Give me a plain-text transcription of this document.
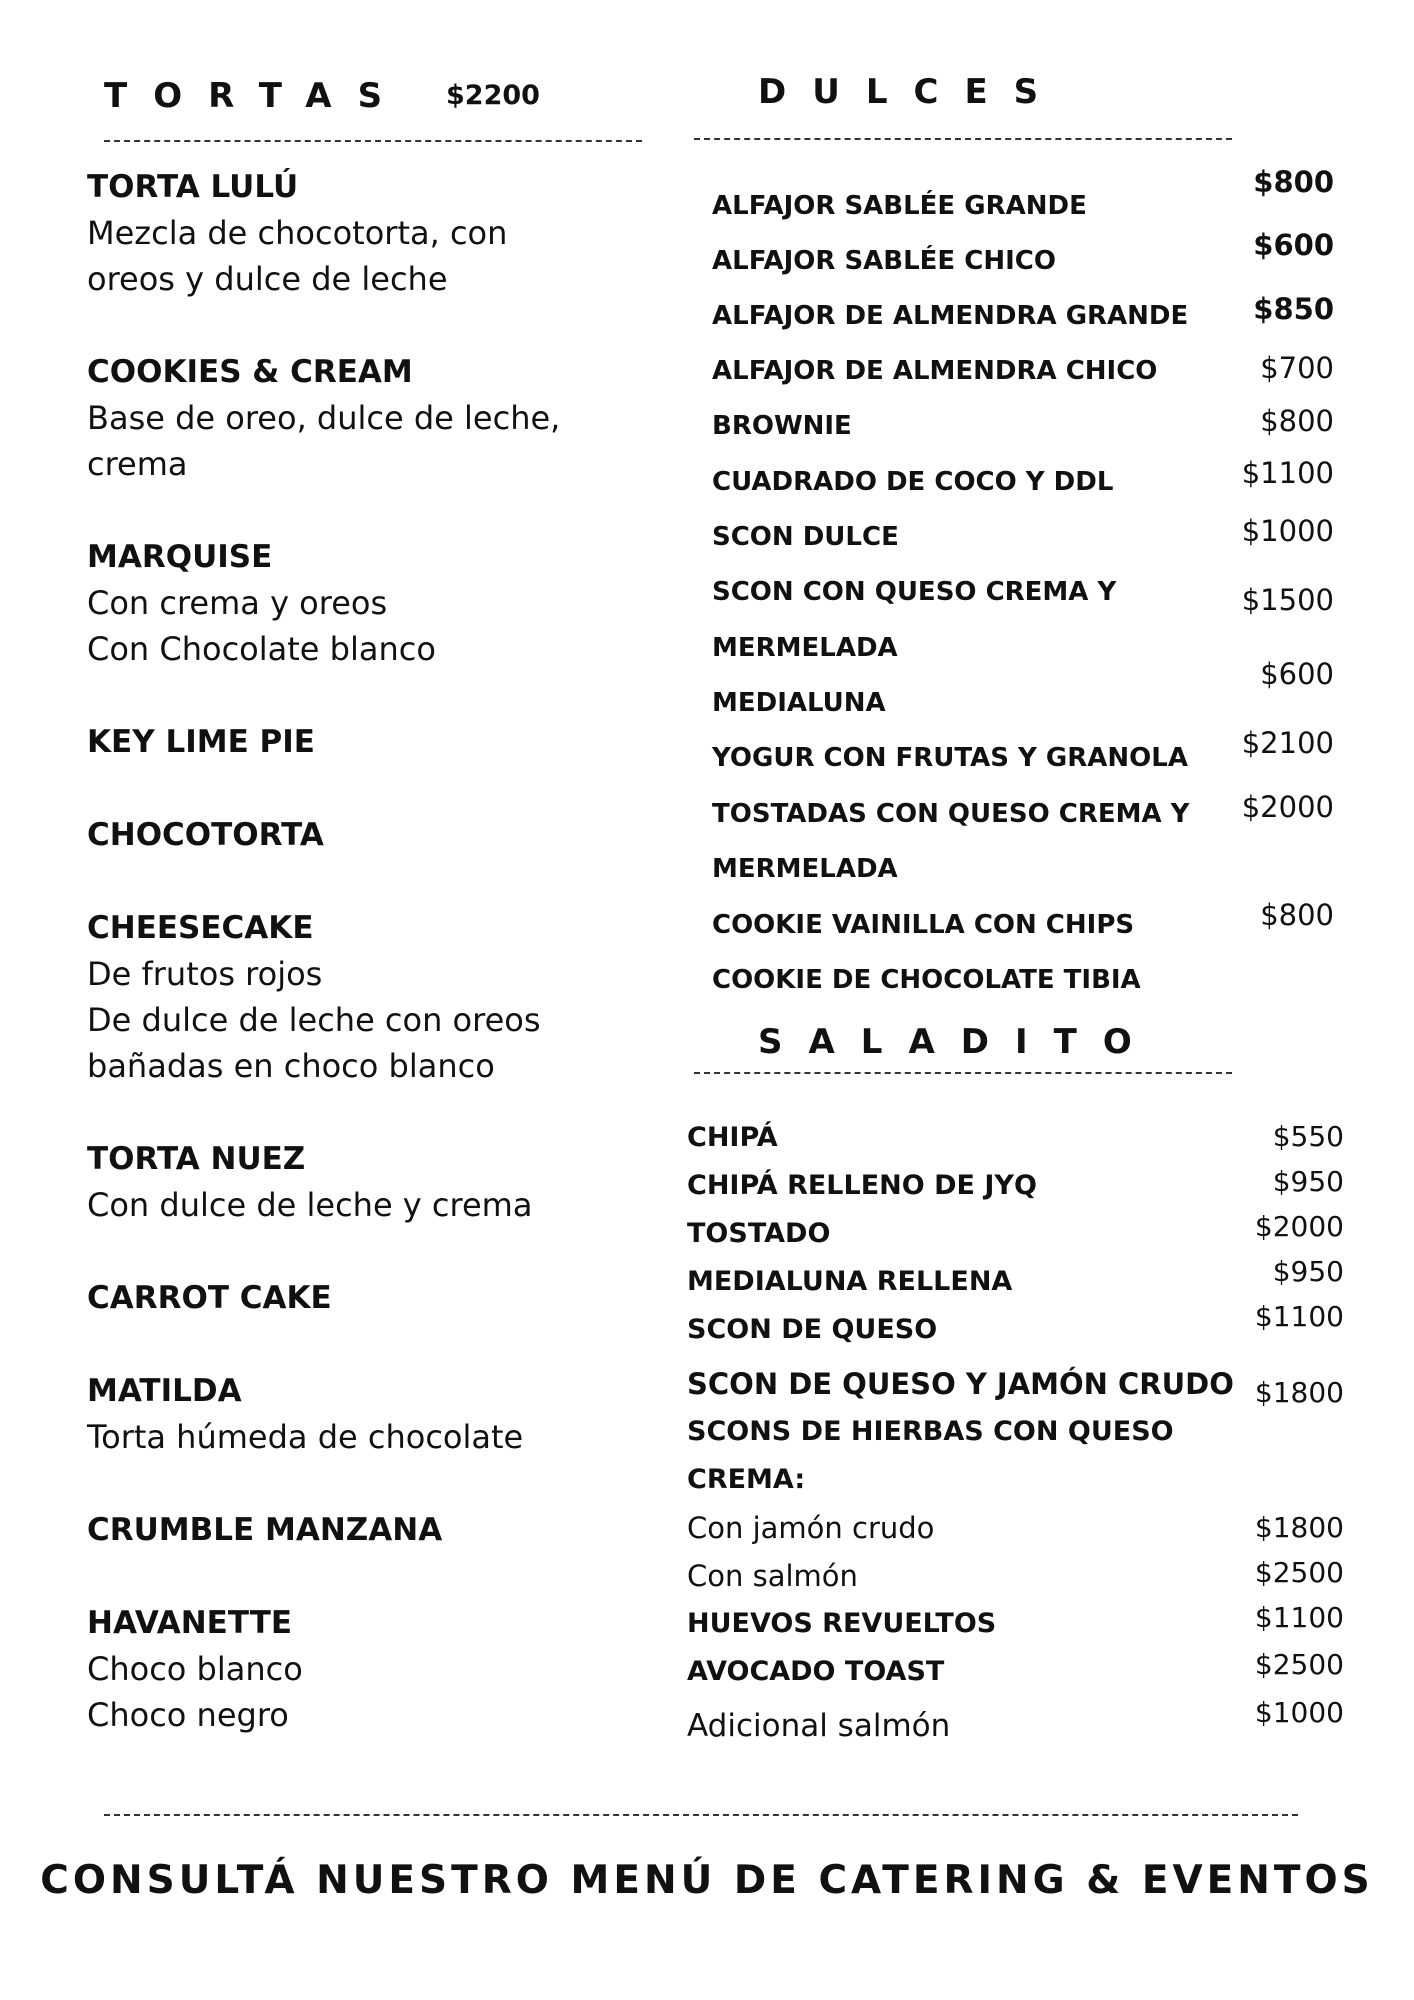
TORTAS $2200
TORTA LULÚ
Mezcla de chocotorta, con
oreos y dulce de leche
COOKIES & CREAM
Base de oreo, dulce de leche,
crema
MARQUISE
Con crema y oreos
Con Chocolate blanco
KEY LIME PIE
CHOCOTORTA
CHEESECAKE
De frutos rojos
De dulce de leche con oreos
bañadas en choco blanco
TORTA NUEZ
Con dulce de leche y crema
CARROT CAKE
MATILDA
Torta húmeda de chocolate
CRUMBLE MANZANA
HAVANETTE
Choco blanco
Choco negro
DULCES
ALFAJOR SABLÉE GRANDE
ALFAJOR SABLÉE CHICO
ALFAJOR DE ALMENDRA GRANDE
ALFAJOR DE ALMENDRA CHICO
BROWNIE
CUADRADO DE COCO Y DDL
SCON DULCE
SCON CON QUESO CREMA Y
MERMELADA
MEDIALUNA
YOGUR CON FRUTAS Y GRANOLA
TOSTADAS CON QUESO CREMA Y
MERMELADA
COOKIE VAINILLA CON CHIPS
COOKIE DE CHOCOLATE TIBIA
$800
$600
$850
$700
$800
$1100
$1000
$1500
$600
$2100
$2000
$800
SALADITO
CHIPÁ
CHIPÁ RELLENO DE JYQ
TOSTADO
MEDIALUNA RELLENA
SCON DE QUESO
SCON DE QUESO Y JAMÓN CRUDO
SCONS DE HIERBAS CON QUESO
CREMA:
Con jamón crudo
Con salmón
HUEVOS REVUELTOS
AVOCADO TOAST
Adicional salmón
$550
$950
$2000
$950
$1100
$1800
$1800
$2500
$1100
$2500
$1000
CONSULTÁ NUESTRO MENÚ DE CATERING & EVENTOS
